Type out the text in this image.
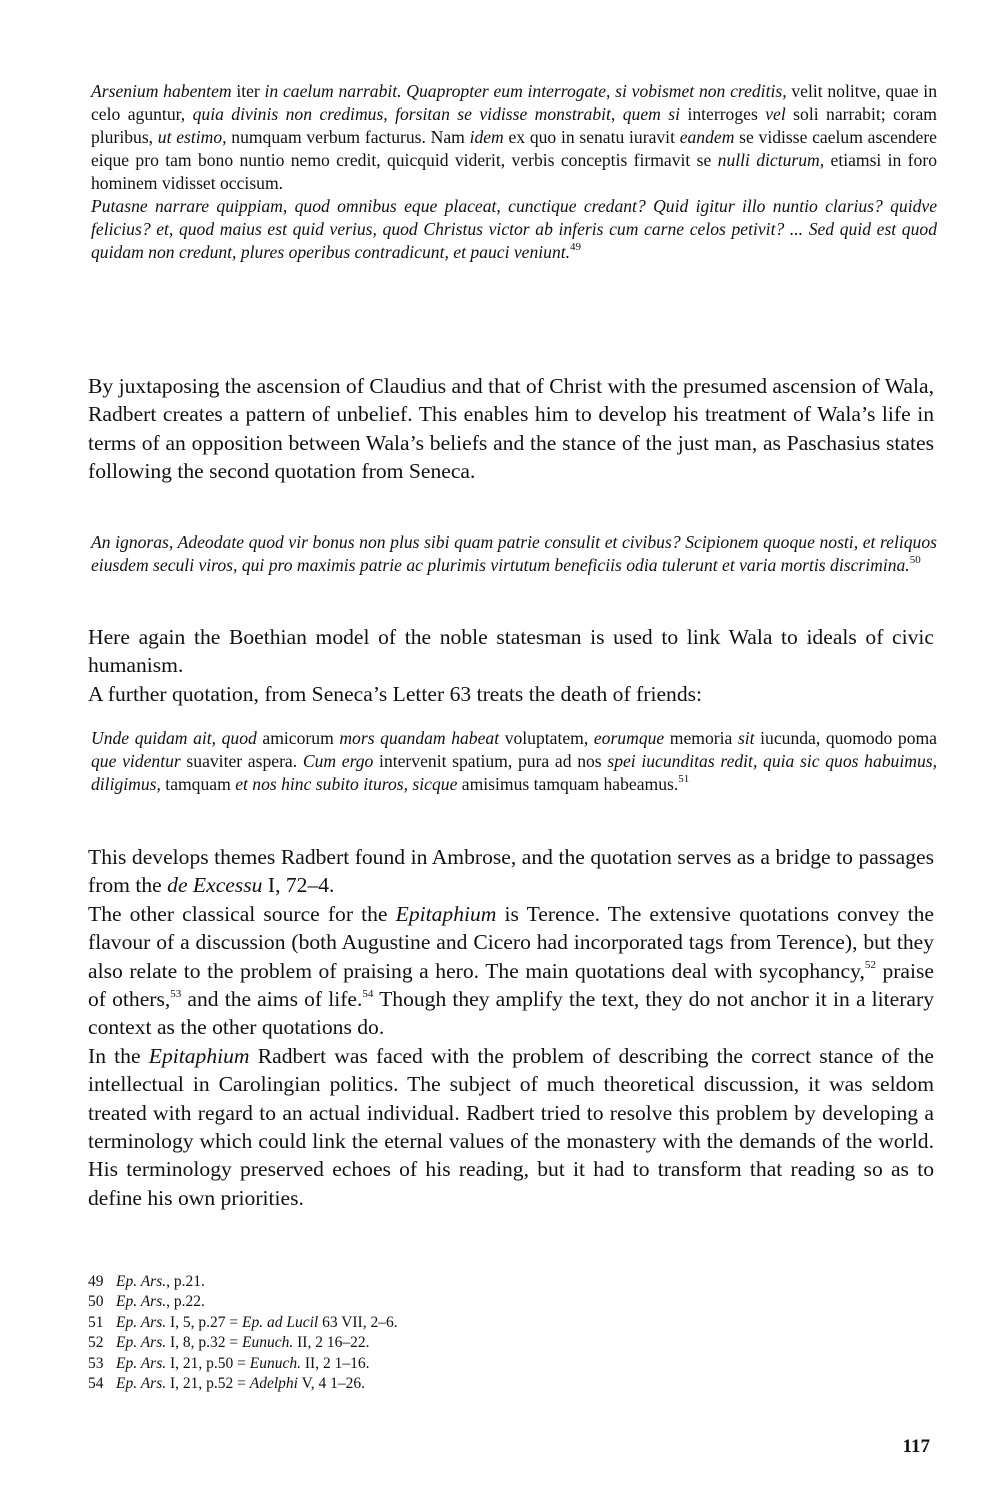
Arsenium habentem iter in caelum narrabit. Quapropter eum interrogate, si vobismet non creditis, velit nolitve, quae in celo aguntur, quia divinis non credimus, forsitan se vidisse monstrabit, quem si interroges vel soli narrabit; coram pluribus, ut estimo, numquam verbum facturus. Nam idem ex quo in senatu iuravit eandem se vidisse caelum ascendere eique pro tam bono nuntio nemo credit, quicquid viderit, verbis conceptis firmavit se nulli dicturum, etiamsi in foro hominem vidisset occisum.
Putasne narrare quippiam, quod omnibus eque placeat, cunctique credant? Quid igitur illo nuntio clarius? quidve felicius? et, quod maius est quid verius, quod Christus victor ab inferis cum carne celos petivit? ... Sed quid est quod quidam non credunt, plures operibus contradicunt, et pauci veniunt.$^{49}$

By juxtaposing the ascension of Claudius and that of Christ with the presumed ascension of Wala, Radbert creates a pattern of unbelief. This enables him to develop his treatment of Wala’s life in terms of an opposition between Wala’s beliefs and the stance of the just man, as Paschasius states following the second quotation from Seneca.

An ignoras, Adeodate quod vir bonus non plus sibi quam patrie consulit et civibus? Scipionem quoque nosti, et reliquos eiusdem seculi viros, qui pro maximis patrie ac plurimis virtutum beneficiis odia tulerunt et varia mortis discrimina.$^{50}$

Here again the Boethian model of the noble statesman is used to link Wala to ideals of civic humanism.
A further quotation, from Seneca’s Letter 63 treats the death of friends:

Unde quidam ait, quod amicorum mors quandam habeat voluptatem, eorumque memoria sit iucunda, quomodo poma que videntur suaviter aspera. Cum ergo intervenit spatium, pura ad nos spei iucunditas redit, quia sic quos habuimus, diligimus, tamquam et nos hinc subito ituros, sicque amisimus tamquam habeamus.$^{51}$

This develops themes Radbert found in Ambrose, and the quotation serves as a bridge to passages from the de Excessu I, 72–4.
The other classical source for the Epitaphium is Terence. The extensive quotations convey the flavour of a discussion (both Augustine and Cicero had incorporated tags from Terence), but they also relate to the problem of praising a hero. The main quotations deal with sycophancy,$^{52}$ praise of others,$^{53}$ and the aims of life.$^{54}$ Though they amplify the text, they do not anchor it in a literary context as the other quotations do.
In the Epitaphium Radbert was faced with the problem of describing the correct stance of the intellectual in Carolingian politics. The subject of much theoretical discussion, it was seldom treated with regard to an actual individual. Radbert tried to resolve this problem by developing a terminology which could link the eternal values of the monastery with the demands of the world. His terminology preserved echoes of his reading, but it had to transform that reading so as to define his own priorities.

49 Ep. Ars., p.21.
50 Ep. Ars., p.22.
51 Ep. Ars. I, 5, p.27 = Ep. ad Lucil 63 VII, 2–6.
52 Ep. Ars. I, 8, p.32 = Eunuch. II, 2 16–22.
53 Ep. Ars. I, 21, p.50 = Eunuch. II, 2 1–16.
54 Ep. Ars. I, 21, p.52 = Adelphi V, 4 1–26.
117
